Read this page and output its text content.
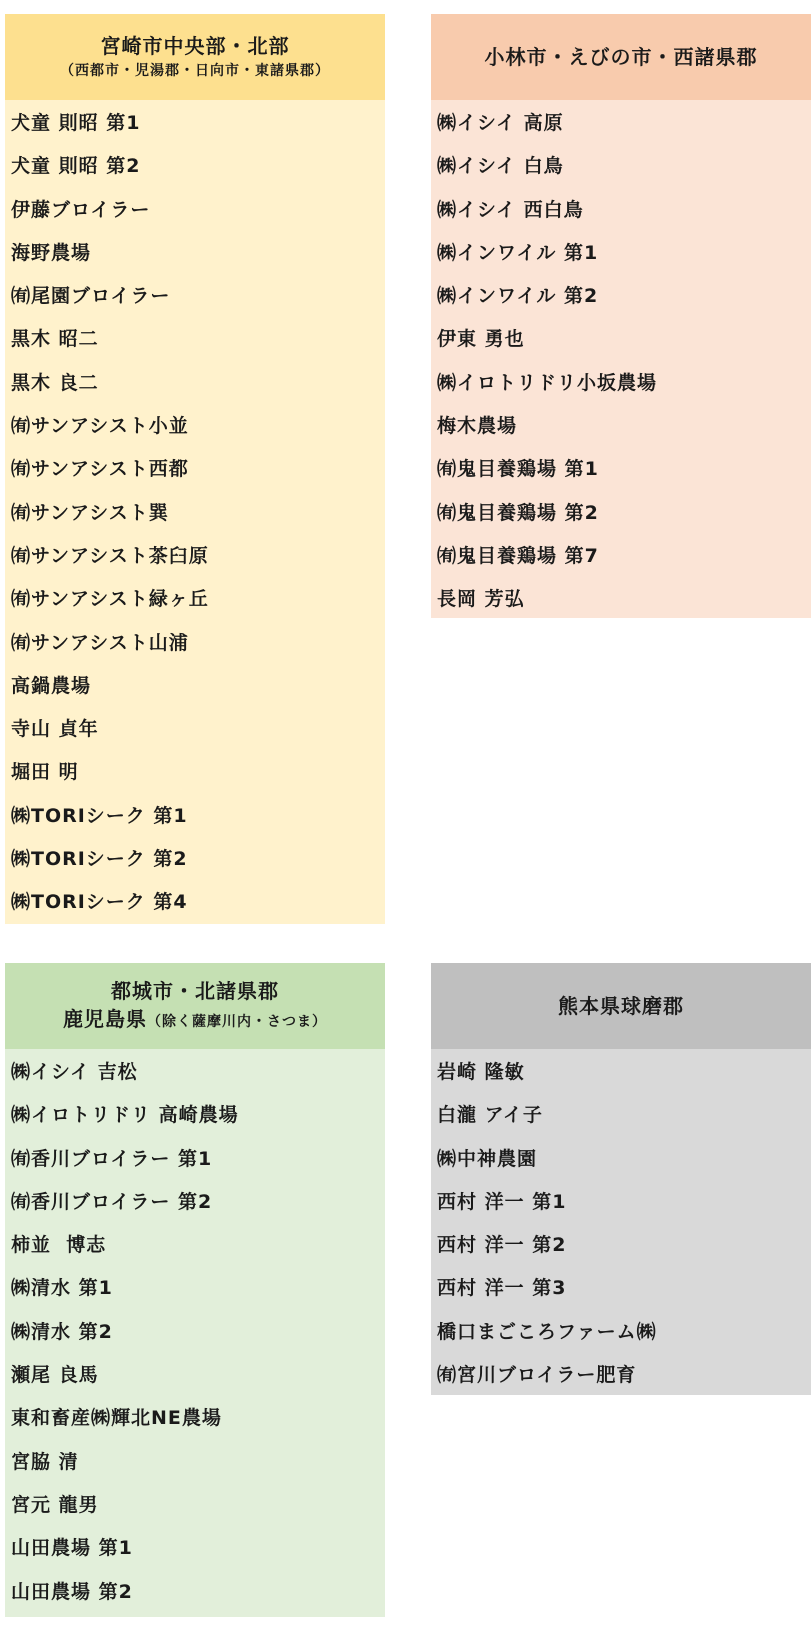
宮崎市中央部・北部
（西都市・児湯郡・日向市・東諸県郡）
犬童 則昭 第1
犬童 則昭 第2
伊藤ブロイラー
海野農場
㈲尾園ブロイラー
黒木 昭二
黒木 良二
㈲サンアシスト小並
㈲サンアシスト西都
㈲サンアシスト巽
㈲サンアシスト茶臼原
㈲サンアシスト緑ヶ丘
㈲サンアシスト山浦
高鍋農場
寺山 貞年
堀田 明
㈱TORIシーク 第1
㈱TORIシーク 第2
㈱TORIシーク 第4
小林市・えびの市・西諸県郡
㈱イシイ 高原
㈱イシイ 白鳥
㈱イシイ 西白鳥
㈱インワイル 第1
㈱インワイル 第2
伊東 勇也
㈱イロトリドリ小坂農場
梅木農場
㈲鬼目養鶏場 第1
㈲鬼目養鶏場 第2
㈲鬼目養鶏場 第7
長岡 芳弘
都城市・北諸県郡
鹿児島県（除く薩摩川内・さつま）
㈱イシイ 吉松
㈱イロトリドリ 高崎農場
㈲香川ブロイラー 第1
㈲香川ブロイラー 第2
柿並  博志
㈱清水 第1
㈱清水 第2
瀬尾 良馬
東和畜産㈱輝北NE農場
宮脇 清
宮元 龍男
山田農場 第1
山田農場 第2
熊本県球磨郡
岩崎 隆敏
白瀧 アイ子
㈱中神農園
西村 洋一 第1
西村 洋一 第2
西村 洋一 第3
橋口まごころファーム㈱
㈲宮川ブロイラー肥育
